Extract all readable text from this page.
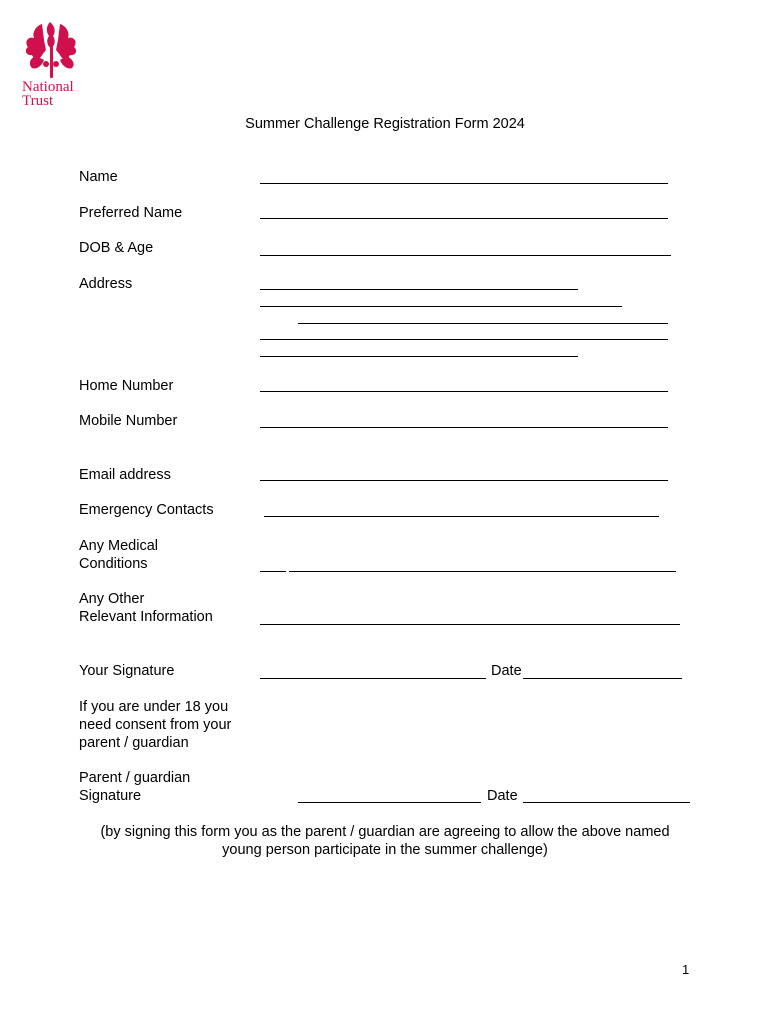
National
Trust
Summer Challenge Registration Form 2024
Name
Preferred Name
DOB & Age
Address
Home Number
Mobile Number
Email address
Emergency Contacts
Any Medical
Conditions
Any Other
Relevant Information
Your Signature	Date
If you are under 18 you
need consent from your
parent / guardian
Parent / guardian
Signature	Date
(by signing this form you as the parent / guardian are agreeing to allow the above named
young person participate in the summer challenge)
1
